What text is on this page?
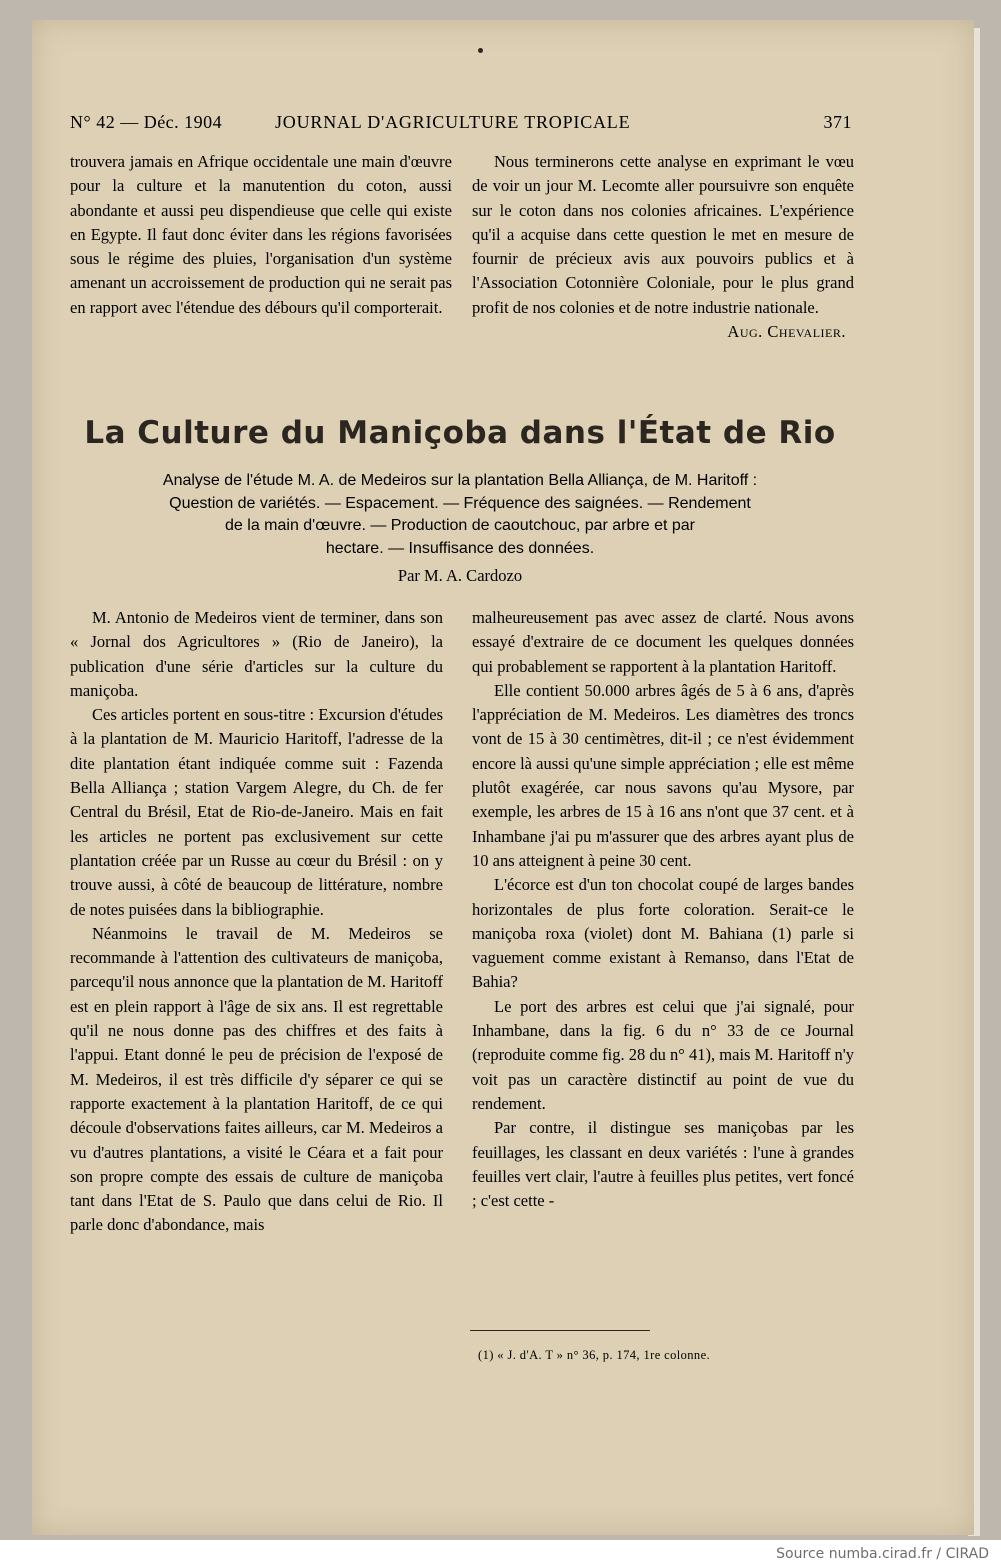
N° 42 — Déc. 1904	JOURNAL D'AGRICULTURE TROPICALE	371

trouvera jamais en Afrique occidentale une main d'œuvre pour la culture et la manutention du coton, aussi abondante et aussi peu dispendieuse que celle qui existe en Egypte. Il faut donc éviter dans les régions favorisées sous le régime des pluies, l'organisation d'un système amenant un accroissement de production qui ne serait pas en rapport avec l'étendue des débours qu'il comporterait.

Nous terminerons cette analyse en exprimant le vœu de voir un jour M. Lecomte aller poursuivre son enquête sur le coton dans nos colonies africaines. L'expérience qu'il a acquise dans cette question le met en mesure de fournir de précieux avis aux pouvoirs publics et à l'Association Cotonnière Coloniale, pour le plus grand profit de nos colonies et de notre industrie nationale.

Aug. Chevalier.

La Culture du Maniçoba dans l'État de Rio
Analyse de l'étude M. A. de Medeiros sur la plantation Bella Alliança, de M. Haritoff :
Question de variétés. — Espacement. — Fréquence des saignées. — Rendement
de la main d'œuvre. — Production de caoutchouc, par arbre et par
hectare. — Insuffisance des données.
Par M. A. Cardozo

M. Antonio de Medeiros vient de terminer, dans son « Jornal dos Agricultores » (Rio de Janeiro), la publication d'une série d'articles sur la culture du maniçoba.

Ces articles portent en sous-titre : Excursion d'études à la plantation de M. Mauricio Haritoff, l'adresse de la dite plantation étant indiquée comme suit : Fazenda Bella Alliança ; station Vargem Alegre, du Ch. de fer Central du Brésil, Etat de Rio-de-Janeiro. Mais en fait les articles ne portent pas exclusivement sur cette plantation créée par un Russe au cœur du Brésil : on y trouve aussi, à côté de beaucoup de littérature, nombre de notes puisées dans la bibliographie.

Néanmoins le travail de M. Medeiros se recommande à l'attention des cultivateurs de maniçoba, parcequ'il nous annonce que la plantation de M. Haritoff est en plein rapport à l'âge de six ans. Il est regrettable qu'il ne nous donne pas des chiffres et des faits à l'appui. Etant donné le peu de précision de l'exposé de M. Medeiros, il est très difficile d'y séparer ce qui se rapporte exactement à la plantation Haritoff, de ce qui découle d'observations faites ailleurs, car M. Medeiros a vu d'autres plantations, a visité le Céara et a fait pour son propre compte des essais de culture de maniçoba tant dans l'Etat de S. Paulo que dans celui de Rio. Il parle donc d'abondance, mais

malheureusement pas avec assez de clarté. Nous avons essayé d'extraire de ce document les quelques données qui probablement se rapportent à la plantation Haritoff.

Elle contient 50.000 arbres âgés de 5 à 6 ans, d'après l'appréciation de M. Medeiros. Les diamètres des troncs vont de 15 à 30 centimètres, dit-il ; ce n'est évidemment encore là aussi qu'une simple appréciation ; elle est même plutôt exagérée, car nous savons qu'au Mysore, par exemple, les arbres de 15 à 16 ans n'ont que 37 cent. et à Inhambane j'ai pu m'assurer que des arbres ayant plus de 10 ans atteignent à peine 30 cent.

L'écorce est d'un ton chocolat coupé de larges bandes horizontales de plus forte coloration. Serait-ce le maniçoba roxa (violet) dont M. Bahiana (1) parle si vaguement comme existant à Remanso, dans l'Etat de Bahia?

Le port des arbres est celui que j'ai signalé, pour Inhambane, dans la fig. 6 du n° 33 de ce Journal (reproduite comme fig. 28 du n° 41), mais M. Haritoff n'y voit pas un caractère distinctif au point de vue du rendement.

Par contre, il distingue ses maniçobas par les feuillages, les classant en deux variétés : l'une à grandes feuilles vert clair, l'autre à feuilles plus petites, vert foncé ; c'est cette -

(1) « J. d'A. T » n° 36, p. 174, 1re colonne.
Source numba.cirad.fr / CIRAD
